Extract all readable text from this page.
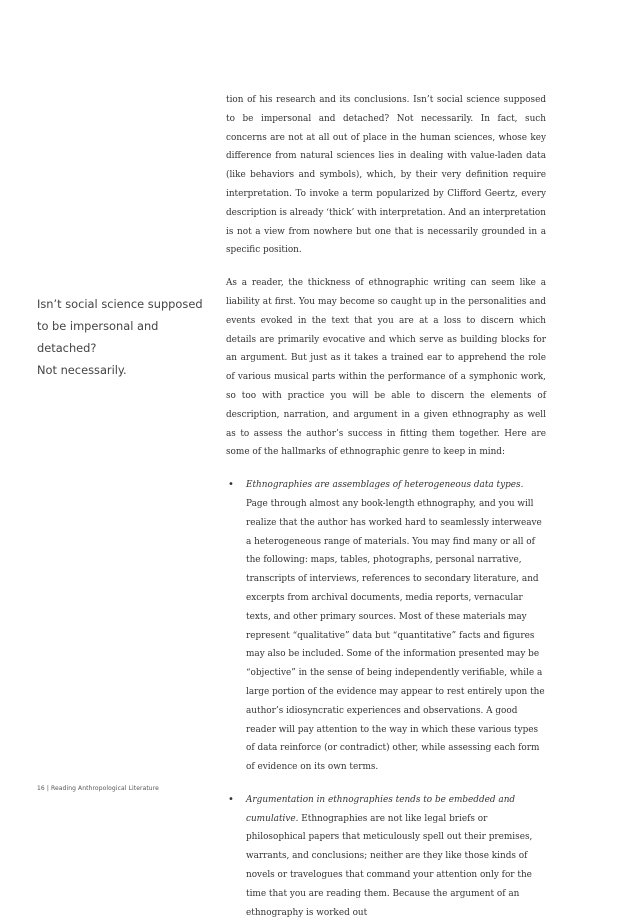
Isn’t social science supposed
to be impersonal and
detached?
Not necessarily.

tion of his research and its conclusions. Isn’t social science supposed to be impersonal and detached? Not necessarily. In fact, such concerns are not at all out of place in the human sciences, whose key difference from natural sciences lies in dealing with value-laden data (like behaviors and symbols), which, by their very definition require interpretation. To invoke a term popularized by Clifford Geertz, every description is already ‘thick’ with interpretation. And an interpretation is not a view from nowhere but one that is necessarily grounded in a specific position.

As a reader, the thickness of ethnographic writing can seem like a liability at first. You may become so caught up in the personalities and events evoked in the text that you are at a loss to discern which details are primarily evocative and which serve as building blocks for an argument. But just as it takes a trained ear to apprehend the role of various musical parts within the performance of a symphonic work, so too with practice you will be able to discern the elements of description, narration, and argument in a given ethnography as well as to assess the author’s success in fitting them together. Here are some of the hallmarks of ethnographic genre to keep in mind:

• Ethnographies are assemblages of heterogeneous data types. Page through almost any book-length ethnography, and you will realize that the author has worked hard to seamlessly interweave a heterogeneous range of materials. You may find many or all of the following: maps, tables, photographs, personal narrative, transcripts of interviews, references to secondary literature, and excerpts from archival documents, media reports, vernacular texts, and other primary sources. Most of these materials may represent “qualitative” data but “quantitative” facts and figures may also be included. Some of the information presented may be “objective” in the sense of being independently verifiable, while a large portion of the evidence may appear to rest entirely upon the author’s idiosyncratic experiences and observations. A good reader will pay attention to the way in which these various types of data reinforce (or contradict) other, while assessing each form of evidence on its own terms.
• Argumentation in ethnographies tends to be embedded and cumulative. Ethnographies are not like legal briefs or philosophical papers that meticulously spell out their premises, warrants, and conclusions; neither are they like those kinds of novels or travelogues that command your attention only for the time that you are reading them. Because the argument of an ethnography is worked out
16 | Reading Anthropological Literature
